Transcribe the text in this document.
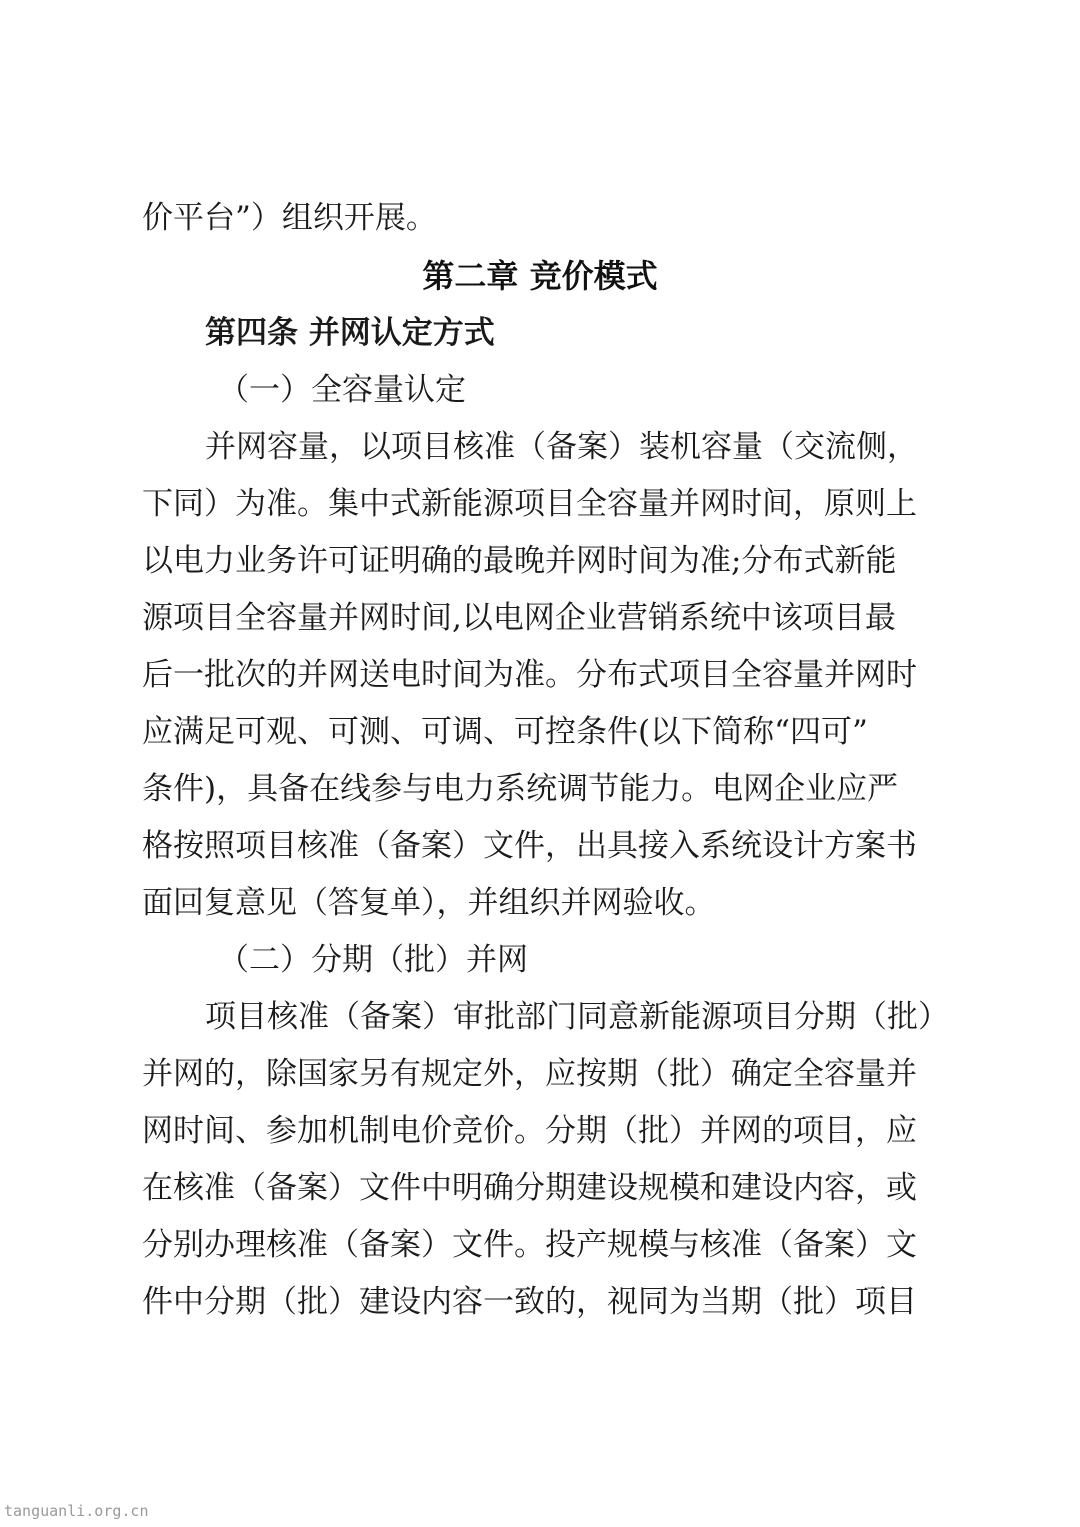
价平台”）组织开展。
第二章 竞价模式
第四条 并网认定方式
（一）全容量认定
并网容量，以项目核准（备案）装机容量（交流侧，
下同）为准。集中式新能源项目全容量并网时间，原则上
以电力业务许可证明确的最晚并网时间为准;分布式新能
源项目全容量并网时间,以电网企业营销系统中该项目最
后一批次的并网送电时间为准。分布式项目全容量并网时
应满足可观、可测、可调、可控条件(以下简称“四可”
条件)，具备在线参与电力系统调节能力。电网企业应严
格按照项目核准（备案）文件，出具接入系统设计方案书
面回复意见（答复单），并组织并网验收。
（二）分期（批）并网
项目核准（备案）审批部门同意新能源项目分期（批）
并网的，除国家另有规定外，应按期（批）确定全容量并
网时间、参加机制电价竞价。分期（批）并网的项目，应
在核准（备案）文件中明确分期建设规模和建设内容，或
分别办理核准（备案）文件。投产规模与核准（备案）文
件中分期（批）建设内容一致的，视同为当期（批）项目
tanguanli.org.cn
